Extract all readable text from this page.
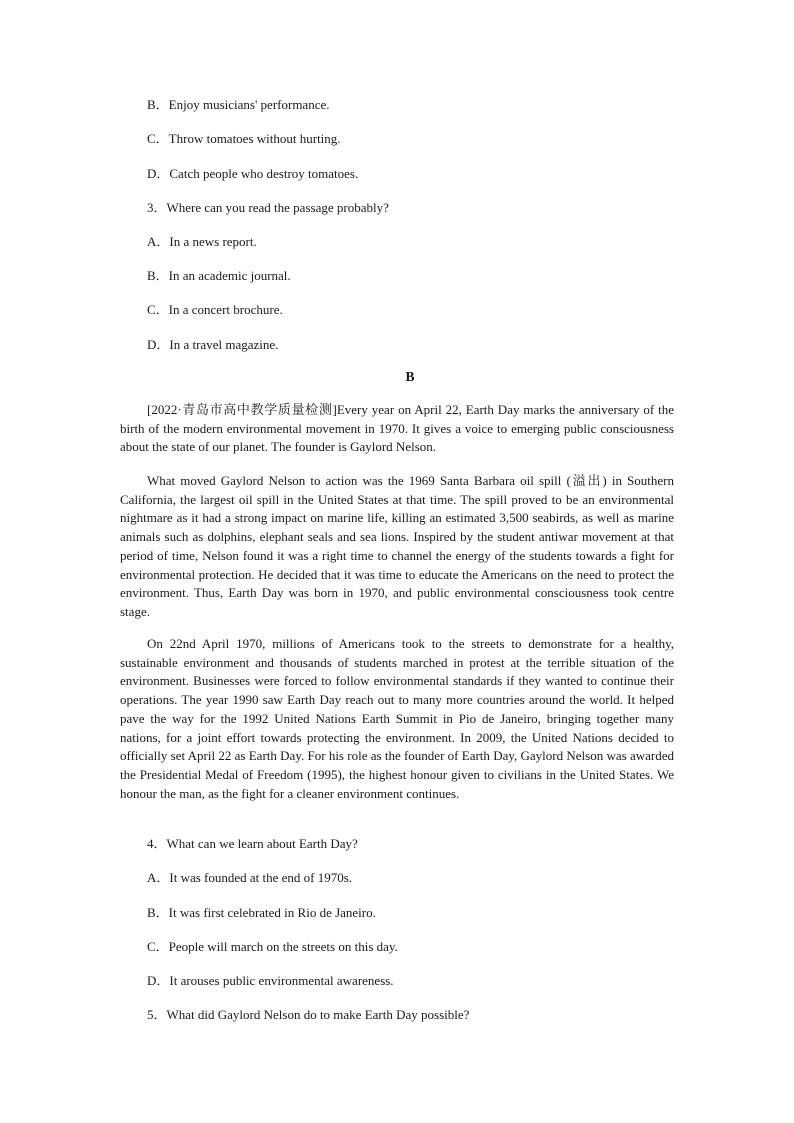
B．Enjoy musicians' performance.
C．Throw tomatoes without hurting.
D．Catch people who destroy tomatoes.
3．Where can you read the passage probably?
A．In a news report.
B．In an academic journal.
C．In a concert brochure.
D．In a travel magazine.
B
[2022·青岛市高中教学质量检测]Every year on April 22, Earth Day marks the anniversary of the birth of the modern environmental movement in 1970. It gives a voice to emerging public consciousness about the state of our planet. The founder is Gaylord Nelson.
What moved Gaylord Nelson to action was the 1969 Santa Barbara oil spill (溢出) in Southern California, the largest oil spill in the United States at that time. The spill proved to be an environmental nightmare as it had a strong impact on marine life, killing an estimated 3,500 seabirds, as well as marine animals such as dolphins, elephant seals and sea lions. Inspired by the student antiwar movement at that period of time, Nelson found it was a right time to channel the energy of the students towards a fight for environmental protection. He decided that it was time to educate the Americans on the need to protect the environment. Thus, Earth Day was born in 1970, and public environmental consciousness took centre stage.
On 22nd April 1970, millions of Americans took to the streets to demonstrate for a healthy, sustainable environment and thousands of students marched in protest at the terrible situation of the environment. Businesses were forced to follow environmental standards if they wanted to continue their operations. The year 1990 saw Earth Day reach out to many more countries around the world. It helped pave the way for the 1992 United Nations Earth Summit in Pio de Janeiro, bringing together many nations, for a joint effort towards protecting the environment. In 2009, the United Nations decided to officially set April 22 as Earth Day. For his role as the founder of Earth Day, Gaylord Nelson was awarded the Presidential Medal of Freedom (1995), the highest honour given to civilians in the United States. We honour the man, as the fight for a cleaner environment continues.
4．What can we learn about Earth Day?
A．It was founded at the end of 1970s.
B．It was first celebrated in Rio de Janeiro.
C．People will march on the streets on this day.
D．It arouses public environmental awareness.
5．What did Gaylord Nelson do to make Earth Day possible?
